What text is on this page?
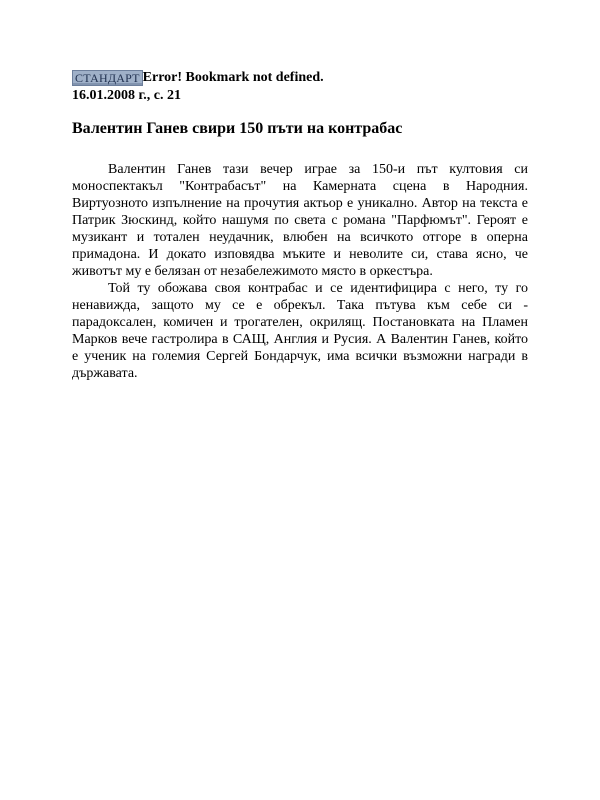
СТАНДАРТ Error! Bookmark not defined.
16.01.2008 г., с. 21
Валентин Ганев свири 150 пъти на контрабас

Валентин Ганев тази вечер играе за 150-и път култовия си моноспектакъл "Контрабасът" на Камерната сцена в Народния. Виртуозното изпълнение на прочутия актьор е уникално. Автор на текста е Патрик Зюскинд, който нашумя по света с романа "Парфюмът". Героят е музикант и тотален неудачник, влюбен на всичкото отгоре в оперна примадона. И докато изповядва мъките и неволите си, става ясно, че животът му е белязан от незабележимото място в оркестъра.

Той ту обожава своя контрабас и се идентифицира с него, ту го ненавижда, защото му се е обрекъл. Така пътува към себе си - парадоксален, комичен и трогателен, окрилящ. Постановката на Пламен Марков вече гастролира в САЩ, Англия и Русия. А Валентин Ганев, който е ученик на големия Сергей Бондарчук, има всички възможни награди в държавата.
